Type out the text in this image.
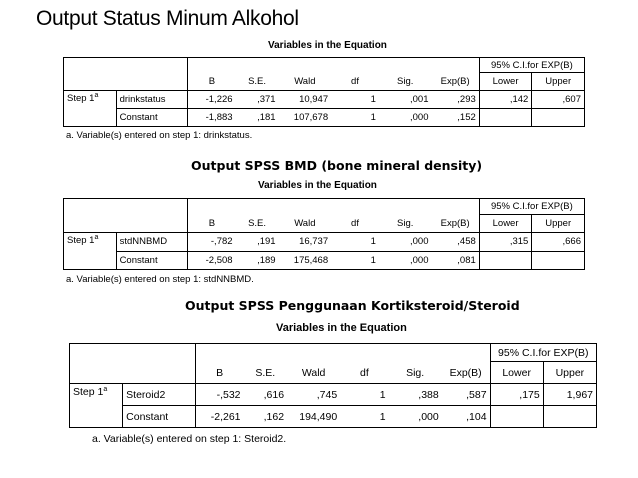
Output Status Minum Alkohol
Variables in the Equation
								95% C.I.for EXP(B)	
		B	S.E.	Wald	df	Sig.	Exp(B)	Lower	Upper
Step 1$^a$	drinkstatus	-1,226	,371	10,947	1	,001	,293	,142	,607
	Constant	-1,883	,181	107,678	1	,000	,152		
a. Variable(s) entered on step 1: drinkstatus.
Output SPSS BMD (bone mineral density)
Variables in the Equation
								95% C.I.for EXP(B)	
		B	S.E.	Wald	df	Sig.	Exp(B)	Lower	Upper
Step 1$^a$	stdNNBMD	-,782	,191	16,737	1	,000	,458	,315	,666
	Constant	-2,508	,189	175,468	1	,000	,081		
a. Variable(s) entered on step 1: stdNNBMD.
Output SPSS Penggunaan Kortiksteroid/Steroid
Variables in the Equation
								95% C.I.for EXP(B)	
		B	S.E.	Wald	df	Sig.	Exp(B)	Lower	Upper
Step 1$^a$	Steroid2	-,532	,616	,745	1	,388	,587	,175	1,967
	Constant	-2,261	,162	194,490	1	,000	,104		
a. Variable(s) entered on step 1: Steroid2.
